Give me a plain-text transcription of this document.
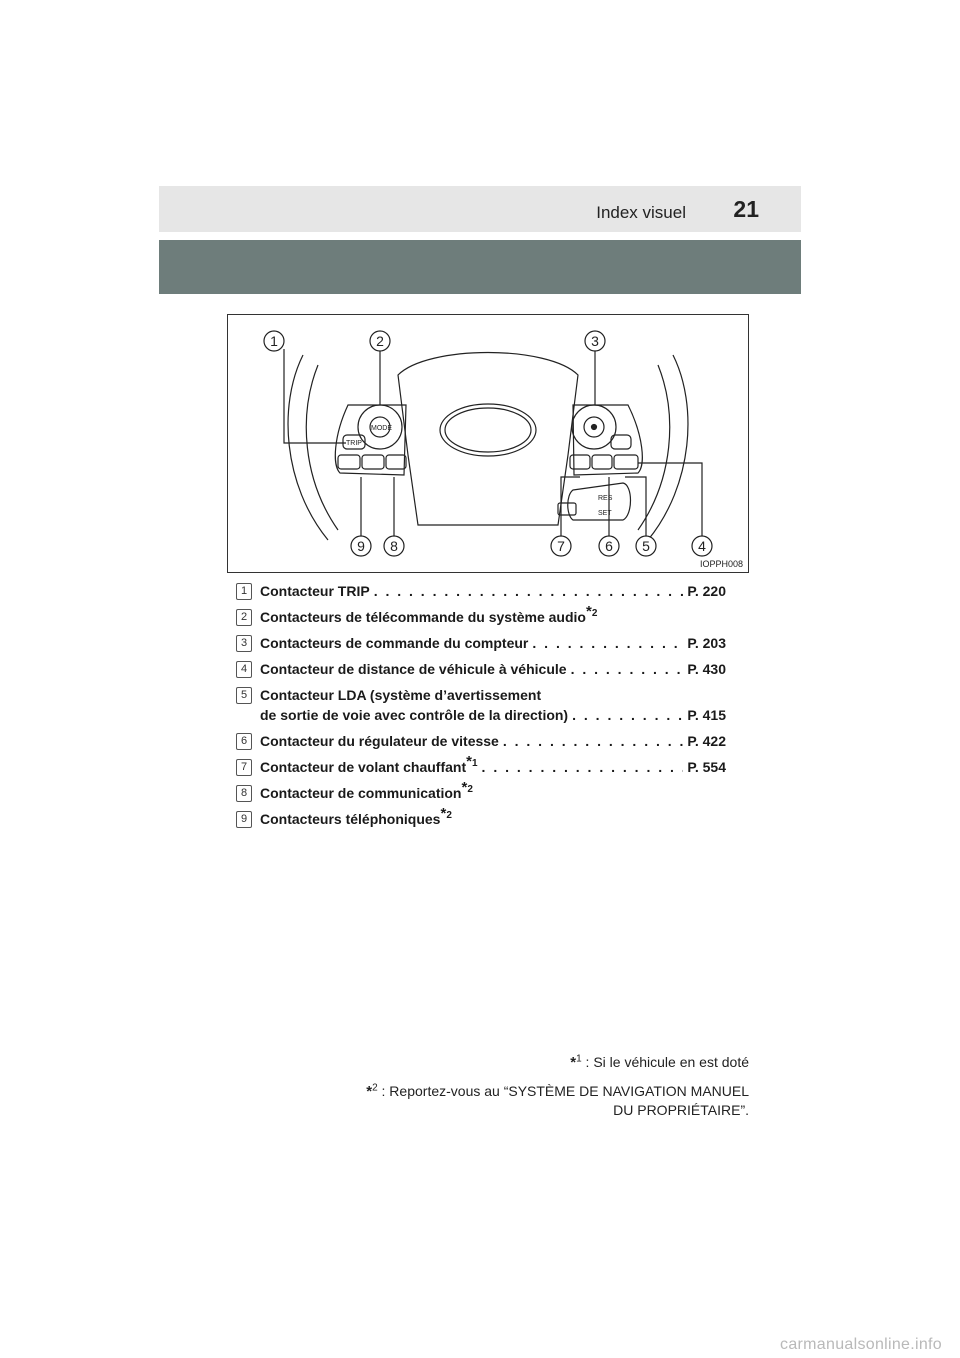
Index visuel 21
TRIP
MODE
RES
SET
1	2	3
4
5
6
7
8
9
IOPPH008
1 Contacteur TRIP . . .	P. 220
2 Contacteurs de télécommande du système audio$^{*2}$
3 Contacteurs de commande du compteur . . .	P. 203
4 Contacteur de distance de véhicule à véhicule . . .	P. 430
5 Contacteur LDA (système d’avertissement
de sortie de voie avec contrôle de la direction) . . .	P. 415
6 Contacteur du régulateur de vitesse . . .	P. 422
7 Contacteur de volant chauffant$^{*1}$ . . .	P. 554
8 Contacteur de communication$^{*2}$
9 Contacteurs téléphoniques$^{*2}$
*$^1$ : Si le véhicule en est doté
*$^2$ : Reportez-vous au “SYSTÈME DE NAVIGATION MANUEL
DU PROPRIÉTAIRE”.
carmanualsonline.info
